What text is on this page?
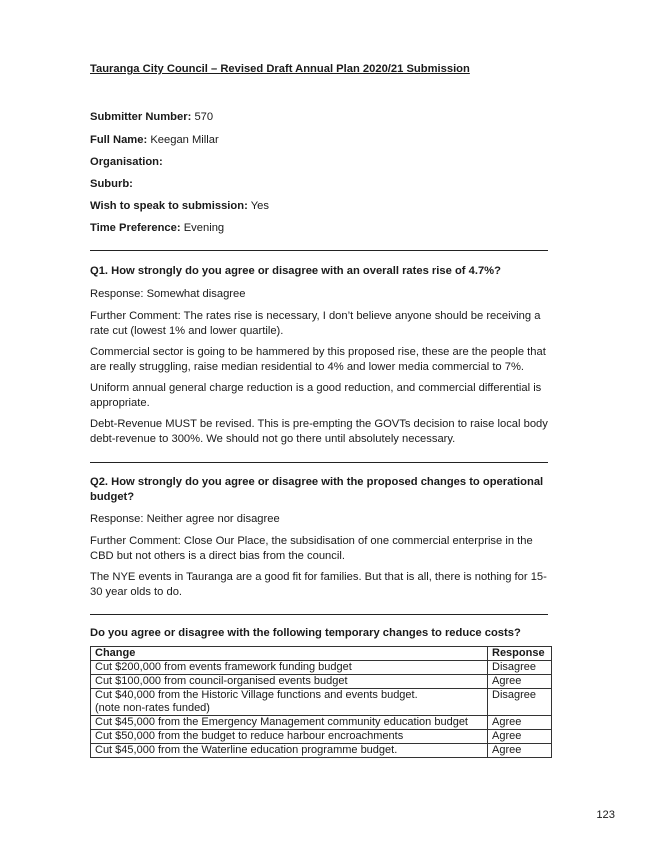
Tauranga City Council – Revised Draft Annual Plan 2020/21 Submission
Submitter Number: 570
Full Name: Keegan Millar
Organisation:
Suburb:
Wish to speak to submission: Yes
Time Preference: Evening
Q1. How strongly do you agree or disagree with an overall rates rise of 4.7%?
Response: Somewhat disagree
Further Comment: The rates rise is necessary, I don’t believe anyone should be receiving a rate cut (lowest 1% and lower quartile).
Commercial sector is going to be hammered by this proposed rise, these are the people that are really struggling, raise median residential to 4% and lower media commercial to 7%.
Uniform annual general charge reduction is a good reduction, and commercial differential is appropriate.
Debt-Revenue MUST be revised. This is pre-empting the GOVTs decision to raise local body debt-revenue to 300%. We should not go there until absolutely necessary.
Q2. How strongly do you agree or disagree with the proposed changes to operational budget?
Response: Neither agree nor disagree
Further Comment: Close Our Place, the subsidisation of one commercial enterprise in the CBD but not others is a direct bias from the council.
The NYE events in Tauranga are a good fit for families. But that is all, there is nothing for 15-30 year olds to do.
Do you agree or disagree with the following temporary changes to reduce costs?
Change	Response
Cut $200,000 from events framework funding budget	Disagree
Cut $100,000 from council-organised events budget	Agree

Cut $40,000 from the Historic Village functions and events budget.
(note non-rates funded)	Disagree
Cut $45,000 from the Emergency Management community education budget	Agree
Cut $50,000 from the budget to reduce harbour encroachments	Agree
Cut $45,000 from the Waterline education programme budget.	Agree
123
